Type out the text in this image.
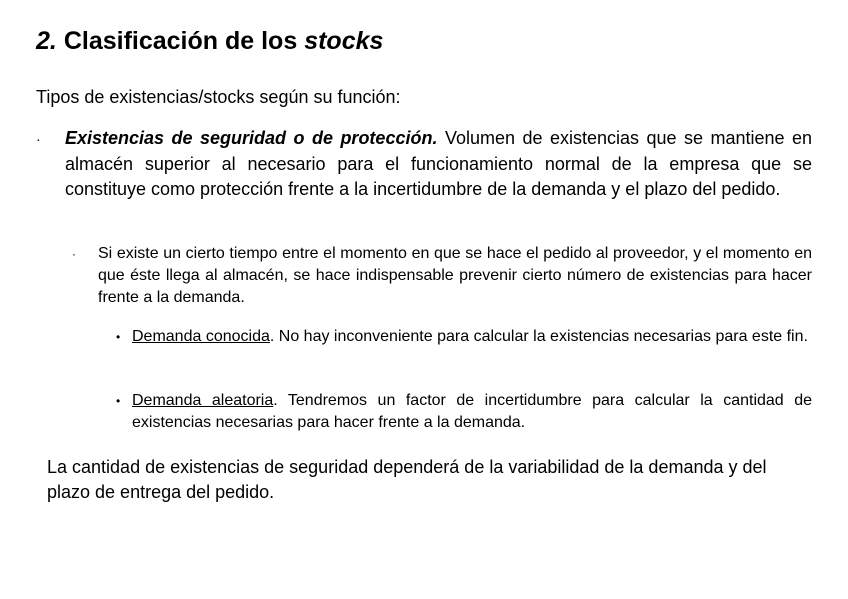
2. Clasificación de los stocks
Tipos de existencias/stocks según su función:
· Existencias de seguridad o de protección. Volumen de existencias que se mantiene en almacén superior al necesario para el funcionamiento normal de la empresa que se constituye como protección frente a la incertidumbre de la demanda y el plazo del pedido.
· Si existe un cierto tiempo entre el momento en que se hace el pedido al proveedor, y el momento en que éste llega al almacén, se hace indispensable prevenir cierto número de existencias para hacer frente a la demanda.
• Demanda conocida. No hay inconveniente para calcular la existencias necesarias para este fin.
• Demanda aleatoria. Tendremos un factor de incertidumbre para calcular la cantidad de existencias necesarias para hacer frente a la demanda.
La cantidad de existencias de seguridad dependerá de la variabilidad de la demanda y del plazo de entrega del pedido.
